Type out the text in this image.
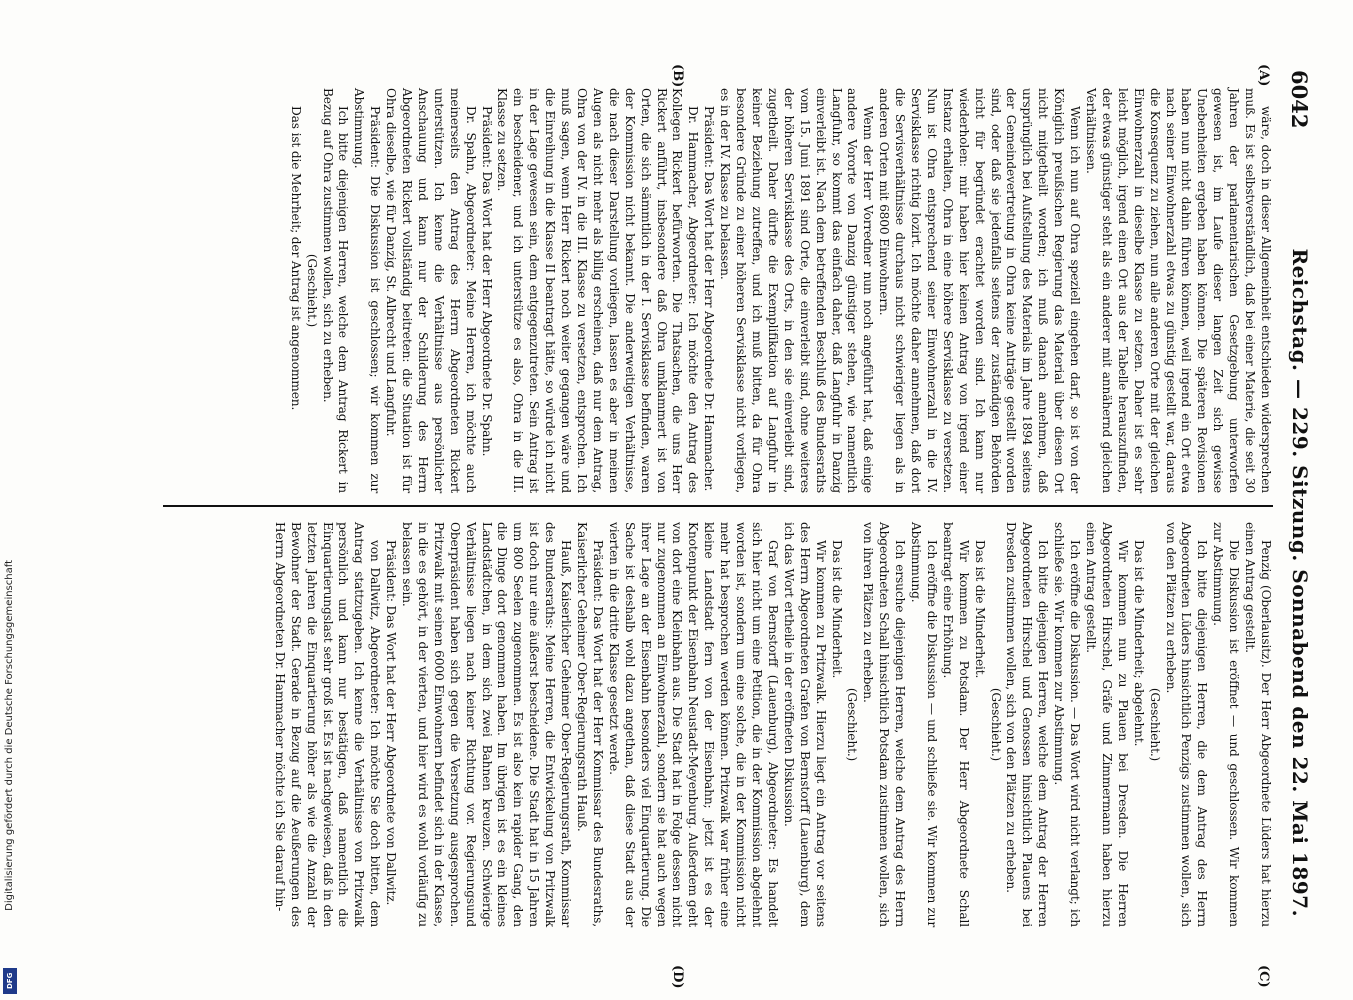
6042
Reichstag. — 229. Sitzung. Sonnabend den 22. Mai 1897.
(A)
(B)
(C)
(D)

wäre, doch in dieser Allgemeinheit entschieden widersprechen muß. Es ist selbstverständlich, daß bei einer Materie, die seit 30 Jahren der parlamentarischen Gesetzgebung unterworfen gewesen ist, im Laufe dieser langen Zeit sich gewisse Unebenheiten ergeben haben können. Die späteren Revisionen haben nun nicht dahin führen können, weil irgend ein Ort etwa nach seiner Einwohnerzahl etwas zu günstig gestellt war, daraus die Konsequenz zu ziehen, nun alle anderen Orte mit der gleichen Einwohnerzahl in dieselbe Klasse zu setzen. Daher ist es sehr leicht möglich, irgend einen Ort aus der Tabelle herauszufinden, der etwas günstiger steht als ein anderer mit annähernd gleichen Verhältnissen.

Wenn ich nun auf Ohra speziell eingehen darf, so ist von der Königlich preußischen Regierung das Material über diesen Ort nicht mitgetheilt worden; ich muß danach annehmen, daß ursprünglich bei Aufstellung des Materials im Jahre 1894 seitens der Gemeindevertretung in Ohra keine Anträge gestellt worden sind, oder daß sie jedenfalls seitens der zuständigen Behörden nicht für begründet erachtet worden sind. Ich kann nur wiederholen: mir haben hier keinen Antrag von irgend einer Instanz erhalten, Ohra in eine höhere Servisklasse zu versetzen. Nun ist Ohra entsprechend seiner Einwohnerzahl in die IV. Servisklasse richtig lozirt. Ich möchte daher annehmen, daß dort die Servisverhältnisse durchaus nicht schwieriger liegen als in anderen Orten mit 6800 Einwohnern.

Wenn der Herr Vorredner nun noch angeführt hat, daß einige andere Vororte von Danzig günstiger stehen, wie namentlich Langfuhr, so kommt das einfach daher, daß Langfuhr in Danzig einverleibt ist. Nach dem betreffenden Beschluß des Bundesraths vom 15. Juni 1891 sind Orte, die einverleibt sind, ohne weiteres der höheren Servisklasse des Orts, in den sie einverleibt sind, zugetheilt. Daher dürfte die Exemplifikation auf Langfuhr in keiner Beziehung zutreffen, und ich muß bitten, da für Ohra besondere Gründe zu einer höheren Servisklasse nicht vorliegen, es in der IV. Klasse zu belassen.

Präsident: Das Wort hat der Herr Abgeordnete Dr. Hammacher.

Dr. Hammacher, Abgeordneter: Ich möchte den Antrag des Kollegen Rickert befürworten. Die Thatsachen, die uns Herr Rickert anführt, insbesondere daß Ohra umklammert ist von Orten, die sich sämmtlich in der I. Servisklasse befinden, waren der Kommission nicht bekannt. Die anderweitigen Verhältnisse, die nach dieser Darstellung vorliegen, lassen es aber in meinen Augen als nicht mehr als billig erscheinen, daß nur dem Antrag, Ohra von der IV. in die III. Klasse zu versetzen, entsprochen. Ich muß sagen, wenn Herr Rickert noch weiter gegangen wäre und die Einreihung in die Klasse II beantragt hätte, so würde ich nicht in der Lage gewesen sein, dem entgegenzutreten. Sein Antrag ist ein bescheidener, und ich unterstütze es also, Ohra in die III. Klasse zu setzen.

Präsident: Das Wort hat der Herr Abgeordnete Dr. Spahn.

Dr. Spahn, Abgeordneter: Meine Herren, ich möchte auch meinerseits den Antrag des Herrn Abgeordneten Rickert unterstützen. Ich kenne die Verhältnisse aus persönlicher Anschauung und kann nur der Schilderung des Herrn Abgeordneten Rickert vollständig beitreten: die Situation ist für Ohra dieselbe, wie für Danzig, St. Albrecht und Langfuhr.

Präsident: Die Diskussion ist geschlossen; wir kommen zur Abstimmung.

Ich bitte diejenigen Herren, welche dem Antrag Rickert in Bezug auf Ohra zustimmen wollen, sich zu erheben.

(Geschieht.)

Das ist die Mehrheit; der Antrag ist angenommen.

Penzig (Oberlausitz). Der Herr Abgeordnete Lüders hat hierzu einen Antrag gestellt.

Die Diskussion ist eröffnet — und geschlossen. Wir kommen zur Abstimmung.

Ich bitte diejenigen Herren, die dem Antrag des Herrn Abgeordneten Lüders hinsichtlich Penzigs zustimmen wollen, sich von den Plätzen zu erheben.

(Geschieht.)

Das ist die Minderheit; abgelehnt.

Wir kommen nun zu Plauen bei Dresden. Die Herren Abgeordneten Hirschel, Gräfe und Zimmermann haben hierzu einen Antrag gestellt.

Ich eröffne die Diskussion. — Das Wort wird nicht verlangt; ich schließe sie. Wir kommen zur Abstimmung.

Ich bitte diejenigen Herren, welche dem Antrag der Herren Abgeordneten Hirschel und Genossen hinsichtlich Plauens bei Dresden zustimmen wollen, sich von den Plätzen zu erheben.

(Geschieht.)

Das ist die Minderheit.

Wir kommen zu Potsdam. Der Herr Abgeordnete Schall beantragt eine Erhöhung.

Ich eröffne die Diskussion — und schließe sie. Wir kommen zur Abstimmung.

Ich ersuche diejenigen Herren, welche dem Antrag des Herrn Abgeordneten Schall hinsichtlich Potsdam zustimmen wollen, sich von ihren Plätzen zu erheben.

(Geschieht.)

Das ist die Minderheit.

Wir kommen zu Pritzwalk. Hierzu liegt ein Antrag vor seitens des Herrn Abgeordneten Grafen von Bernstorff (Lauenburg), dem ich das Wort ertheile in der eröffneten Diskussion.

Graf von Bernstorff (Lauenburg), Abgeordneter: Es handelt sich hier nicht um eine Petition, die in der Kommission abgelehnt worden ist, sondern um eine solche, die in der Kommission nicht mehr hat besprochen werden können. Pritzwalk war früher eine kleine Landstadt fern von der Eisenbahn; jetzt ist es der Knotenpunkt der Eisenbahn Neustadt-Meyenburg. Außerdem geht von dort eine Kleinbahn aus. Die Stadt hat in Folge dessen nicht nur zugenommen an Einwohnerzahl, sondern sie hat auch wegen ihrer Lage an der Eisenbahn besonders viel Einquartierung. Die Sache ist deshalb wohl dazu angethan, daß diese Stadt aus der vierten in die dritte Klasse gesetzt werde.

Präsident: Das Wort hat der Herr Kommissar des Bundesraths, Kaiserlicher Geheimer Ober-Regierungsrath Hauß.

Hauß, Kaiserlicher Geheimer Ober-Regierungsrath, Kommissar des Bundesraths: Meine Herren, die Entwickelung von Pritzwalk ist doch nur eine äußerst bescheidene. Die Stadt hat in 15 Jahren um 800 Seelen zugenommen. Es ist also kein rapider Gang, den die Dinge dort genommen haben. Im übrigen ist es ein kleines Landstädtchen, in dem sich zwei Bahnen kreuzen. Schwierige Verhältnisse liegen nach keiner Richtung vor. Regierungsund Oberpräsident haben sich gegen die Versetzung ausgesprochen. Pritzwalk mit seinen 6000 Einwohnern befindet sich in der Klasse, in die es gehört, in der vierten, und hier wird es wohl vorläufig zu belassen sein.

Präsident: Das Wort hat der Herr Abgeordnete von Dallwitz.

von Dallwitz, Abgeordneter: Ich möchte Sie doch bitten, dem Antrag stattzugeben. Ich kenne die Verhältnisse von Pritzwalk persönlich und kann nur bestätigen, daß namentlich die Einquartierungslast sehr groß ist. Es ist nachgewiesen, daß in den letzten Jahren die Einquartierung höher als wie die Anzahl der Bewohner der Stadt. Gerade in Bezug auf die Aeußerungen des Herrn Abgeordneten Dr. Hammacher möchte ich Sie darauf hin-

Digitalisierung gefördert durch die Deutsche Forschungsgemeinschaft
DFG
